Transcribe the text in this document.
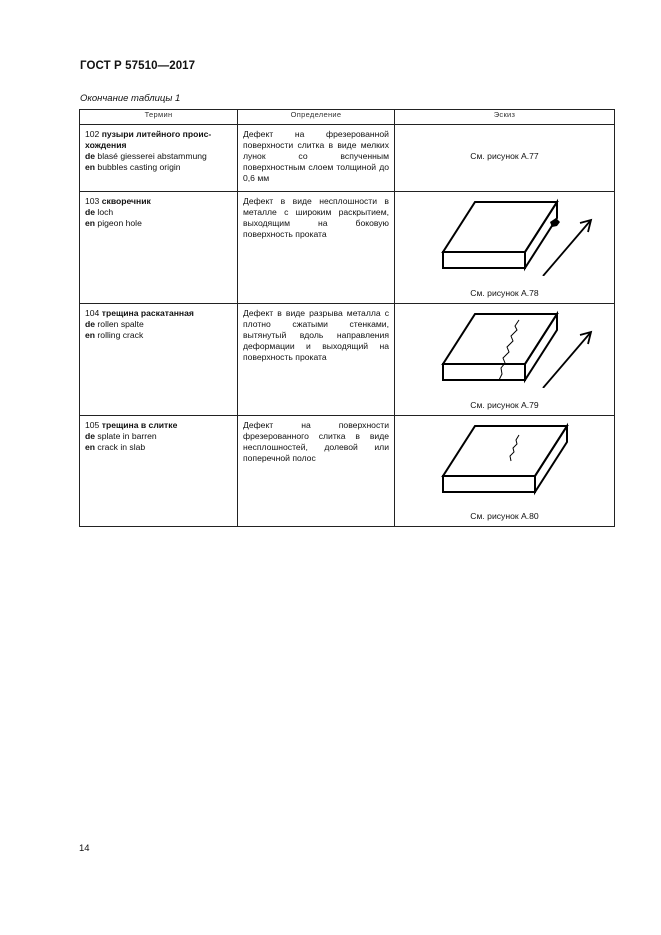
ГОСТ Р 57510—2017
Окончание таблицы 1
Термин	Определение	Эскиз
102 пузыри литейного проис-
хождения
de blasé giesserei abstammung
en bubbles casting origin	Дефект на фрезерованной поверхности слитка в виде мелких лунок со вспученным поверхностным слоем толщиной до 0,6 мм	См. рисунок А.77

103 скворечник
de loch
en pigeon hole	Дефект в виде несплошности в металле с широким раскрытием, выходящим на боковую поверхность проката	См. рисунок А.78

104 трещина раскатанная
de rollen spalte
en rolling crack	Дефект в виде разрыва металла с плотно сжатыми стенками, вытянутый вдоль направления деформации и выходящий на поверхность проката	См. рисунок А.79

105 трещина в слитке
de splate in barren
en crack in slab	Дефект на поверхности фрезерованного слитка в виде несплошностей, долевой или поперечной полос	См. рисунок А.80
14
